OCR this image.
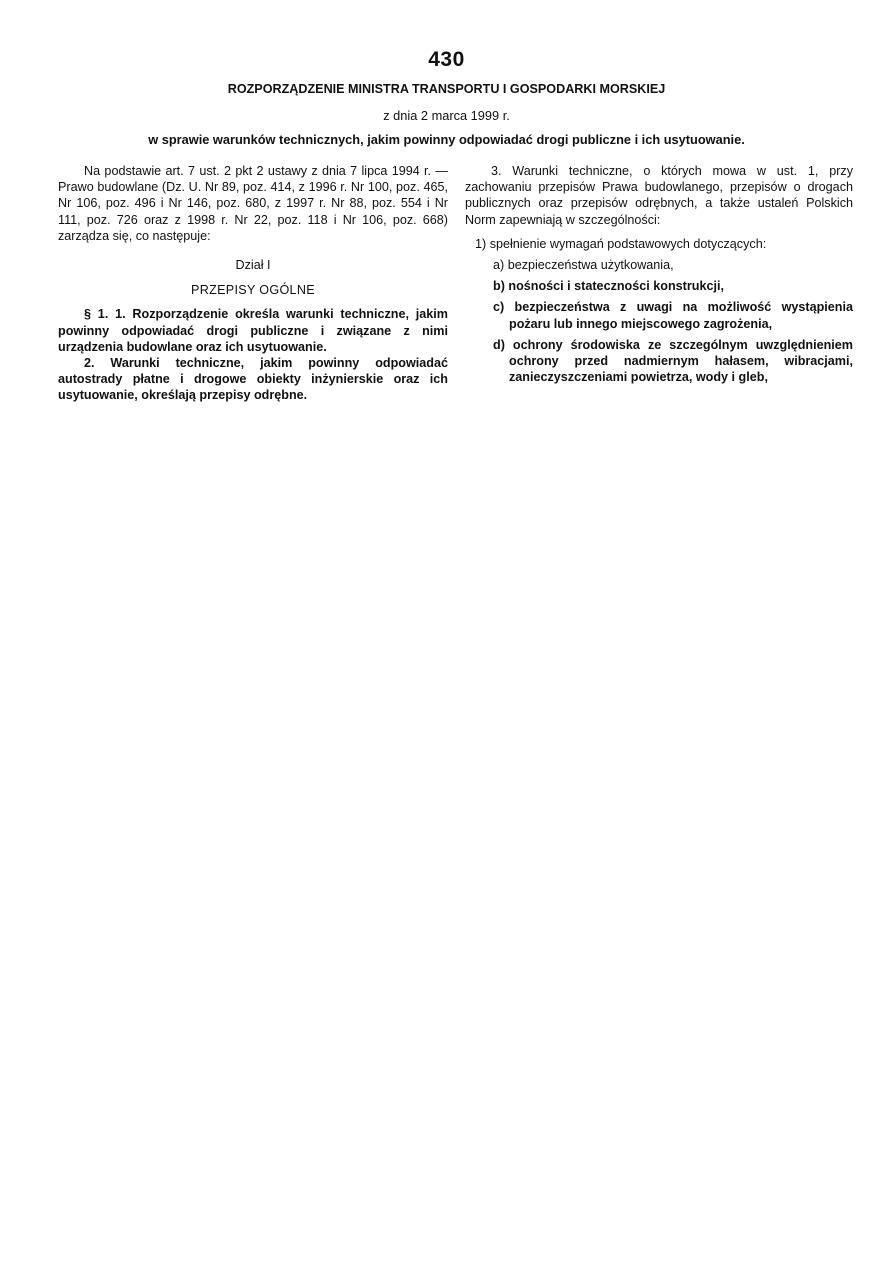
430
ROZPORZĄDZENIE MINISTRA TRANSPORTU I GOSPODARKI MORSKIEJ
z dnia 2 marca 1999 r.
w sprawie warunków technicznych, jakim powinny odpowiadać drogi publiczne i ich usytuowanie.

Na podstawie art. 7 ust. 2 pkt 2 ustawy z dnia 7 lipca 1994 r. — Prawo budowlane (Dz. U. Nr 89, poz. 414, z 1996 r. Nr 100, poz. 465, Nr 106, poz. 496 i Nr 146, poz. 680, z 1997 r. Nr 88, poz. 554 i Nr 111, poz. 726 oraz z 1998 r. Nr 22, poz. 118 i Nr 106, poz. 668) zarządza się, co następuje:

Dział I

PRZEPISY OGÓLNE

§ 1. 1. Rozporządzenie określa warunki techniczne, jakim powinny odpowiadać drogi publiczne i związane z nimi urządzenia budowlane oraz ich usytuowanie.

2. Warunki techniczne, jakim powinny odpowiadać autostrady płatne i drogowe obiekty inżynierskie oraz ich usytuowanie, określają przepisy odrębne.

3. Warunki techniczne, o których mowa w ust. 1, przy zachowaniu przepisów Prawa budowlanego, przepisów o drogach publicznych oraz przepisów odrębnych, a także ustaleń Polskich Norm zapewniają w szczególności:

1) spełnienie wymagań podstawowych dotyczących:

a) bezpieczeństwa użytkowania,

b) nośności i stateczności konstrukcji,

c) bezpieczeństwa z uwagi na możliwość wystąpienia pożaru lub innego miejscowego zagrożenia,

d) ochrony środowiska ze szczególnym uwzględnieniem ochrony przed nadmiernym hałasem, wibracjami, zanieczyszczeniami powietrza, wody i gleb,
